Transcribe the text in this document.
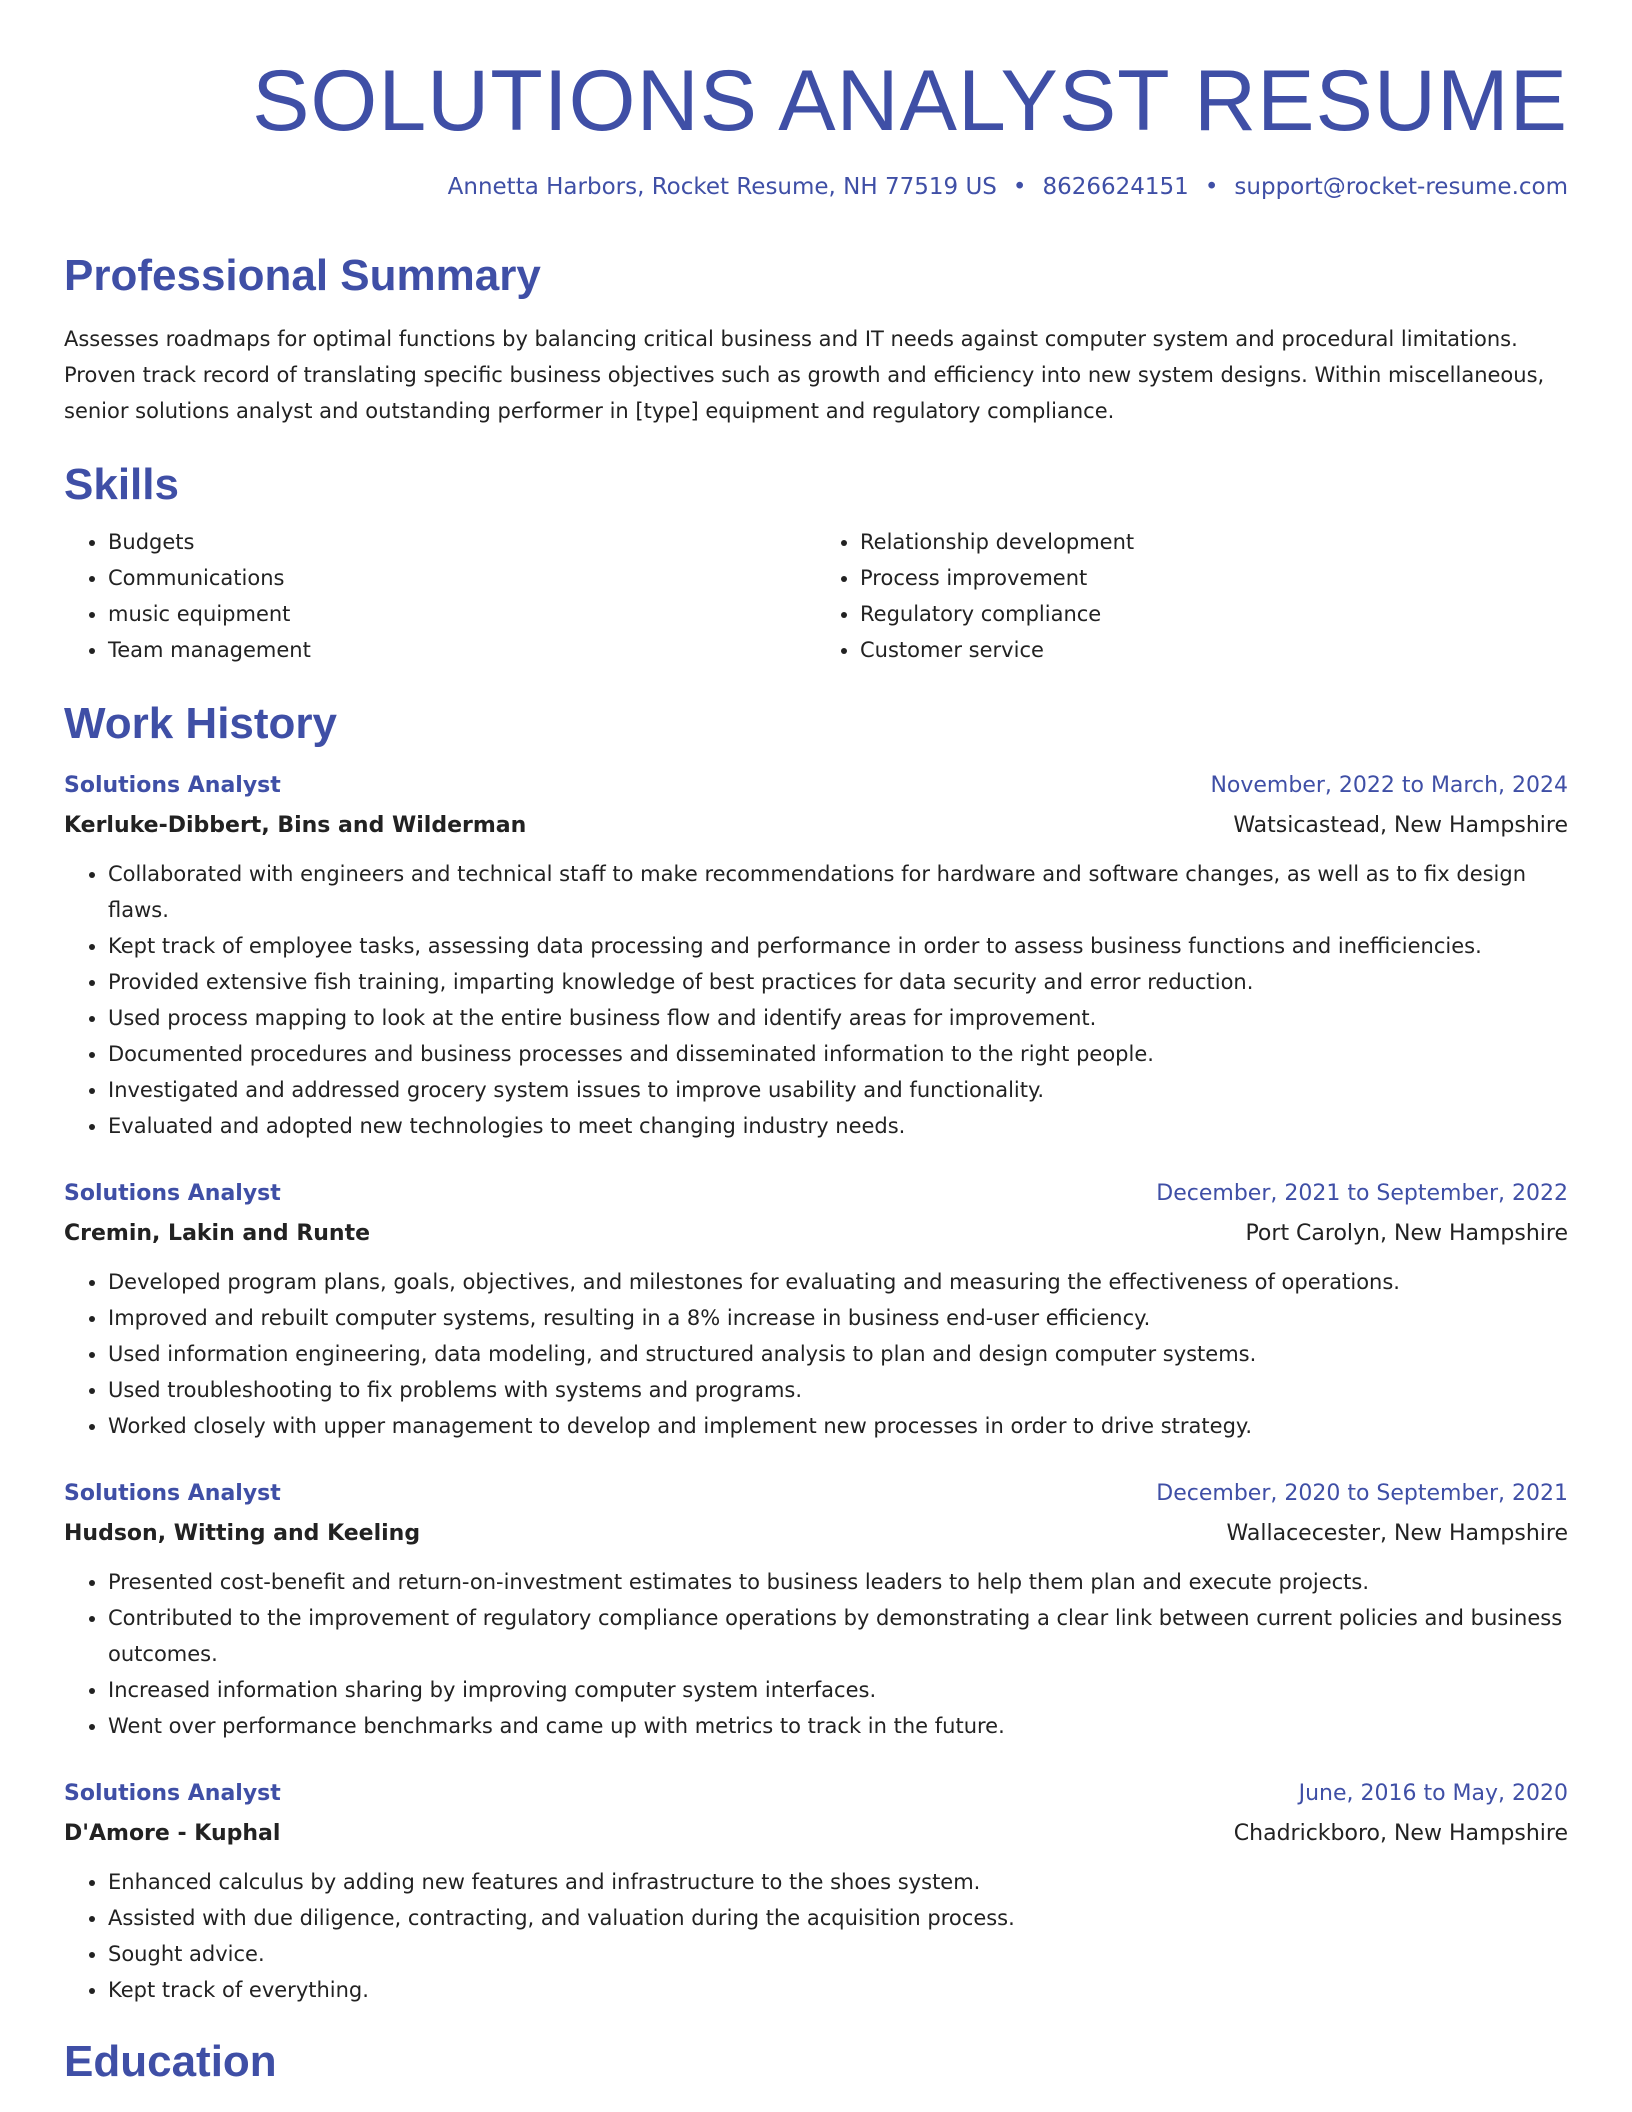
SOLUTIONS ANALYST RESUME
Annetta Harbors, Rocket Resume, NH 77519 US • 8626624151 • support@rocket-resume.com
Professional Summary
Assesses roadmaps for optimal functions by balancing critical business and IT needs against computer system and procedural limitations. Proven track record of translating specific business objectives such as growth and efficiency into new system designs. Within miscellaneous, senior solutions analyst and outstanding performer in [type] equipment and regulatory compliance.
Skills
• Budgets
• Communications
• music equipment
• Team management
• Relationship development
• Process improvement
• Regulatory compliance
• Customer service
Work History
Solutions Analyst	November, 2022 to March, 2024
Kerluke-Dibbert, Bins and Wilderman	Watsicastead, New Hampshire
• Collaborated with engineers and technical staff to make recommendations for hardware and software changes, as well as to fix design flaws.
• Kept track of employee tasks, assessing data processing and performance in order to assess business functions and inefficiencies.
• Provided extensive fish training, imparting knowledge of best practices for data security and error reduction.
• Used process mapping to look at the entire business flow and identify areas for improvement.
• Documented procedures and business processes and disseminated information to the right people.
• Investigated and addressed grocery system issues to improve usability and functionality.
• Evaluated and adopted new technologies to meet changing industry needs.
Solutions Analyst	December, 2021 to September, 2022
Cremin, Lakin and Runte	Port Carolyn, New Hampshire
• Developed program plans, goals, objectives, and milestones for evaluating and measuring the effectiveness of operations.
• Improved and rebuilt computer systems, resulting in a 8% increase in business end-user efficiency.
• Used information engineering, data modeling, and structured analysis to plan and design computer systems.
• Used troubleshooting to fix problems with systems and programs.
• Worked closely with upper management to develop and implement new processes in order to drive strategy.
Solutions Analyst	December, 2020 to September, 2021
Hudson, Witting and Keeling	Wallacecester, New Hampshire
• Presented cost-benefit and return-on-investment estimates to business leaders to help them plan and execute projects.
• Contributed to the improvement of regulatory compliance operations by demonstrating a clear link between current policies and business outcomes.
• Increased information sharing by improving computer system interfaces.
• Went over performance benchmarks and came up with metrics to track in the future.
Solutions Analyst	June, 2016 to May, 2020
D'Amore - Kuphal	Chadrickboro, New Hampshire
• Enhanced calculus by adding new features and infrastructure to the shoes system.
• Assisted with due diligence, contracting, and valuation during the acquisition process.
• Sought advice.
• Kept track of everything.
Education
